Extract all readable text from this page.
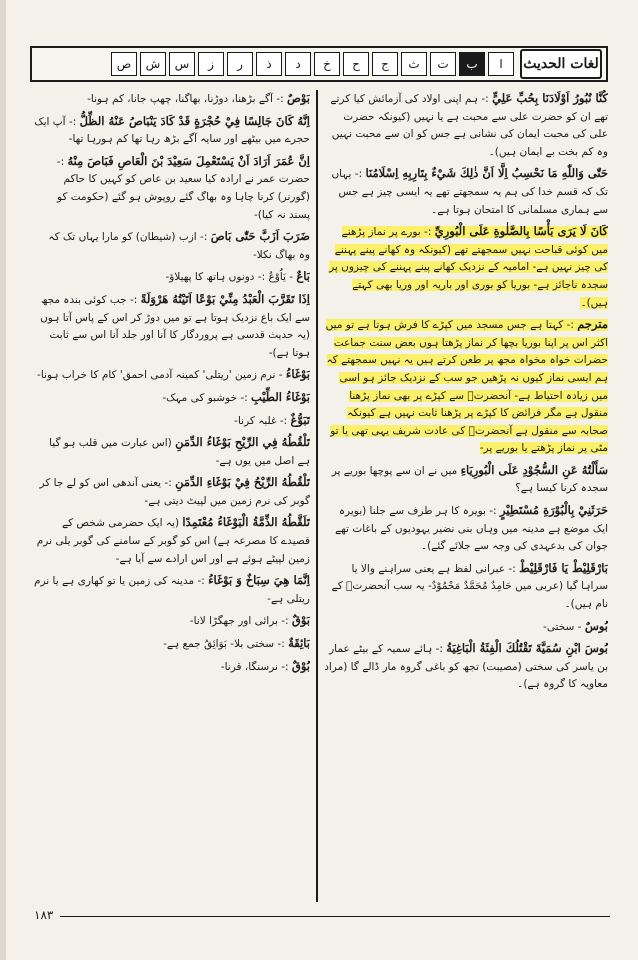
لغات الحديث
ا
ب
ت
ث
ج
ح
خ
د
ذ
ر
ز
س
ش
ص

كُنَّا نُبُورُ اَوْلَادَنَا بِحُبِّ عَلِيٍّ :- ہم اپنی اولاد کی آزمائش کیا کرتے تھے ان کو حضرت علی سے محبت ہے یا نہیں (کیونکہ حضرت علی کی محبت ایمان کی نشانی ہے جس کو ان سے محبت نہیں وہ کم بخت بے ایمان ہیں)۔

حَتّٰى وَاللّٰهِ مَا نَحْسِبُ اِلَّا اَنَّ ذٰلِكَ شَيْءٌ بِتَارِبِهِ اِسْلَامُنَا :- یہاں تک کہ قسم خدا کی ہم یہ سمجھتے تھے یہ ایسی چیز ہے جس سے ہماری مسلمانی کا امتحان ہوتا ہے۔

كَانَ لَا يَرَى بَأْسًا بِالصَّلٰوةِ عَلَى الْبُورِيِّ :- بورے پر نماز پڑھنے میں کوئی قباحت نہیں سمجھتے تھے (کیونکہ وہ کھانے پینے پہننے کی چیز نہیں ہے- امامیہ کے نزدیک کھانے پینے پہننے کی چیزوں پر سجدہ ناجائز ہے- بوریا کو بوری اور باریہ اور وریا بھی کہتے ہیں)۔

مترجم :- کہتا ہے جس مسجد میں کپڑے کا فرش ہوتا ہے تو میں اکثر اس پر اپنا بوریا بچھا کر نماز پڑھتا ہوں بعض سنت جماعت حضرات خواہ مخواہ مجھ پر طعن کرتے ہیں یہ نہیں سمجھتے کہ ہم ایسی نماز کیوں نہ پڑھیں جو سب کے نزدیک جائز ہو اسی میں زیادہ احتیاط ہے- آنحضرتؐ سے کپڑے پر بھی نماز پڑھنا منقول ہے مگر فرائض کا کپڑے پر پڑھنا ثابت نہیں ہے کیونکہ صحابہ سے منقول ہے آنحضرتؐ کی عادت شریف یہی تھی یا تو مٹی پر نماز پڑھتے یا بوریے پر-

سَأَلْتُهُ عَنِ السُّجُوْدِ عَلَى الْبُورِيَاءِ میں نے ان سے پوچھا بوریے پر سجدہ کرنا کیسا ہے؟

حَرَثَنِيْ بِالْبُوْرَةِ مُسْتَطِيْرٍ :- بویرہ کا ہر طرف سے جلنا (بویرہ ایک موضع ہے مدینہ میں وہاں بنی نضیر یہودیوں کے باغات تھے جوان کی بدعہدی کی وجہ سے جلائے گئے)۔

بَارْقَلِيْطْ يَا فَارْقَلِيْطْ :- عبرانی لفظ ہے یعنی سراہنے والا یا سراہا گیا (عربی میں حَامِدٌ مُحَمَّدٌ مَحْمُوْدٌ- یہ سب آنحضرتؐ کے نام ہیں)۔

بُوسٌ - سختی-

بُوسَ ابْنِ سُمَيَّةَ تَقْتُلُكَ الْفِئَةُ الْبَاغِيَةُ :- ہائے سمیہ کے بیٹے عمار بن یاسر کی سختی (مصیبت) تجھ کو باغی گروہ مار ڈالے گا (مراد معاویہ کا گروہ ہے)۔

بَوْصٌ :- آگے بڑھنا، دوڑنا، بھاگنا، چھپ جانا، کم ہونا-

اِنَّهُ كَانَ جَالِسًا فِيْ حُجْرَةٍ قَدْ كَادَ يَنْبَاصُ عَنْهُ الظِّلُّ :- آپ ایک حجرے میں بیٹھے اور سایہ آگے بڑھ رہا تھا کم ہورہا تھا-

اِنَّ عُمَرَ اَرَادَ اَنْ يَسْتَعْمِلَ سَعِيْدَ بْنَ الْعَاصِ فَبَاصَ مِنْهُ :- حضرت عمر نے ارادہ کیا سعید بن عاص کو کہیں کا حاکم (گورنر) کرنا چاہا وہ بھاگ گئے روپوش ہو گئے (حکومت کو پسند نہ کیا)-

ضَرَبَ اَزَبَّ حَتّٰى بَاصَ :- ازب (شیطان) کو مارا یہاں تک کہ وہ بھاگ نکلا-

بَاعٌ - يَاُوْعُ :- دونوں ہاتھ کا پھیلاؤ-

اِذَا تَقَرَّبَ الْعَبْدُ مِنِّيْ بَوْعًا اَتَيْتُهُ هَرْوَلَةً :- جب کوئی بندہ مجھ سے ایک باع نزدیک ہوتا ہے تو میں دوڑ کر اس کے پاس آتا ہوں (یہ حدیث قدسی ہے پروردگار کا آنا اور جلد آنا اس سے ثابت ہوتا ہے)-

بَوْغَاءُ - نرم زمین 'ریتلی' کمینہ آدمی احمق' کام کا خراب ہونا-

بَوْغَاءُ الطِّيْبِ :- خوشبو کی مہک-

تَبَوُّغٌ :- غلبہ کرنا-

تَلْقُطُهُ فِي الرِّيْحِ بَوْغَاءُ الدِّمَنِ (اس عبارت میں قلب ہو گیا ہے اصل میں یوں ہے-

تَلْقُطُهُ الرِّيْحُ فِيْ بَوْغَاءِ الدِّمَنِ :- یعنی آندھی اس کو لے جا کر گوبر کی نرم زمین میں لپیٹ دیتی ہے-

تَلَقَّطُهُ الذِّمَّةُ الْبَوْغَاءُ مُعْتَمِدًا (یہ ایک حضرمی شخص کے قصیدے کا مصرعہ ہے) اس کو گوبر کے سامنے کی گوبر یلی نرم زمین لپیٹے ہوئے ہے اور اس ارادے سے آیا ہے-

اِنَّمَا هِيَ سِبَاخٌ وَ بَوْغَاءُ :- مدینہ کی زمین یا تو کھاری ہے یا نرم ریتلی ہے-

بَوْقٌ :- برائی اور جھگڑا لانا-

بَائِقَةٌ :- سختی بلا- بَوَائِقُ جمع ہے-

بُوْقٌ :- نرسنگا، قرنا-

۱۸۳
